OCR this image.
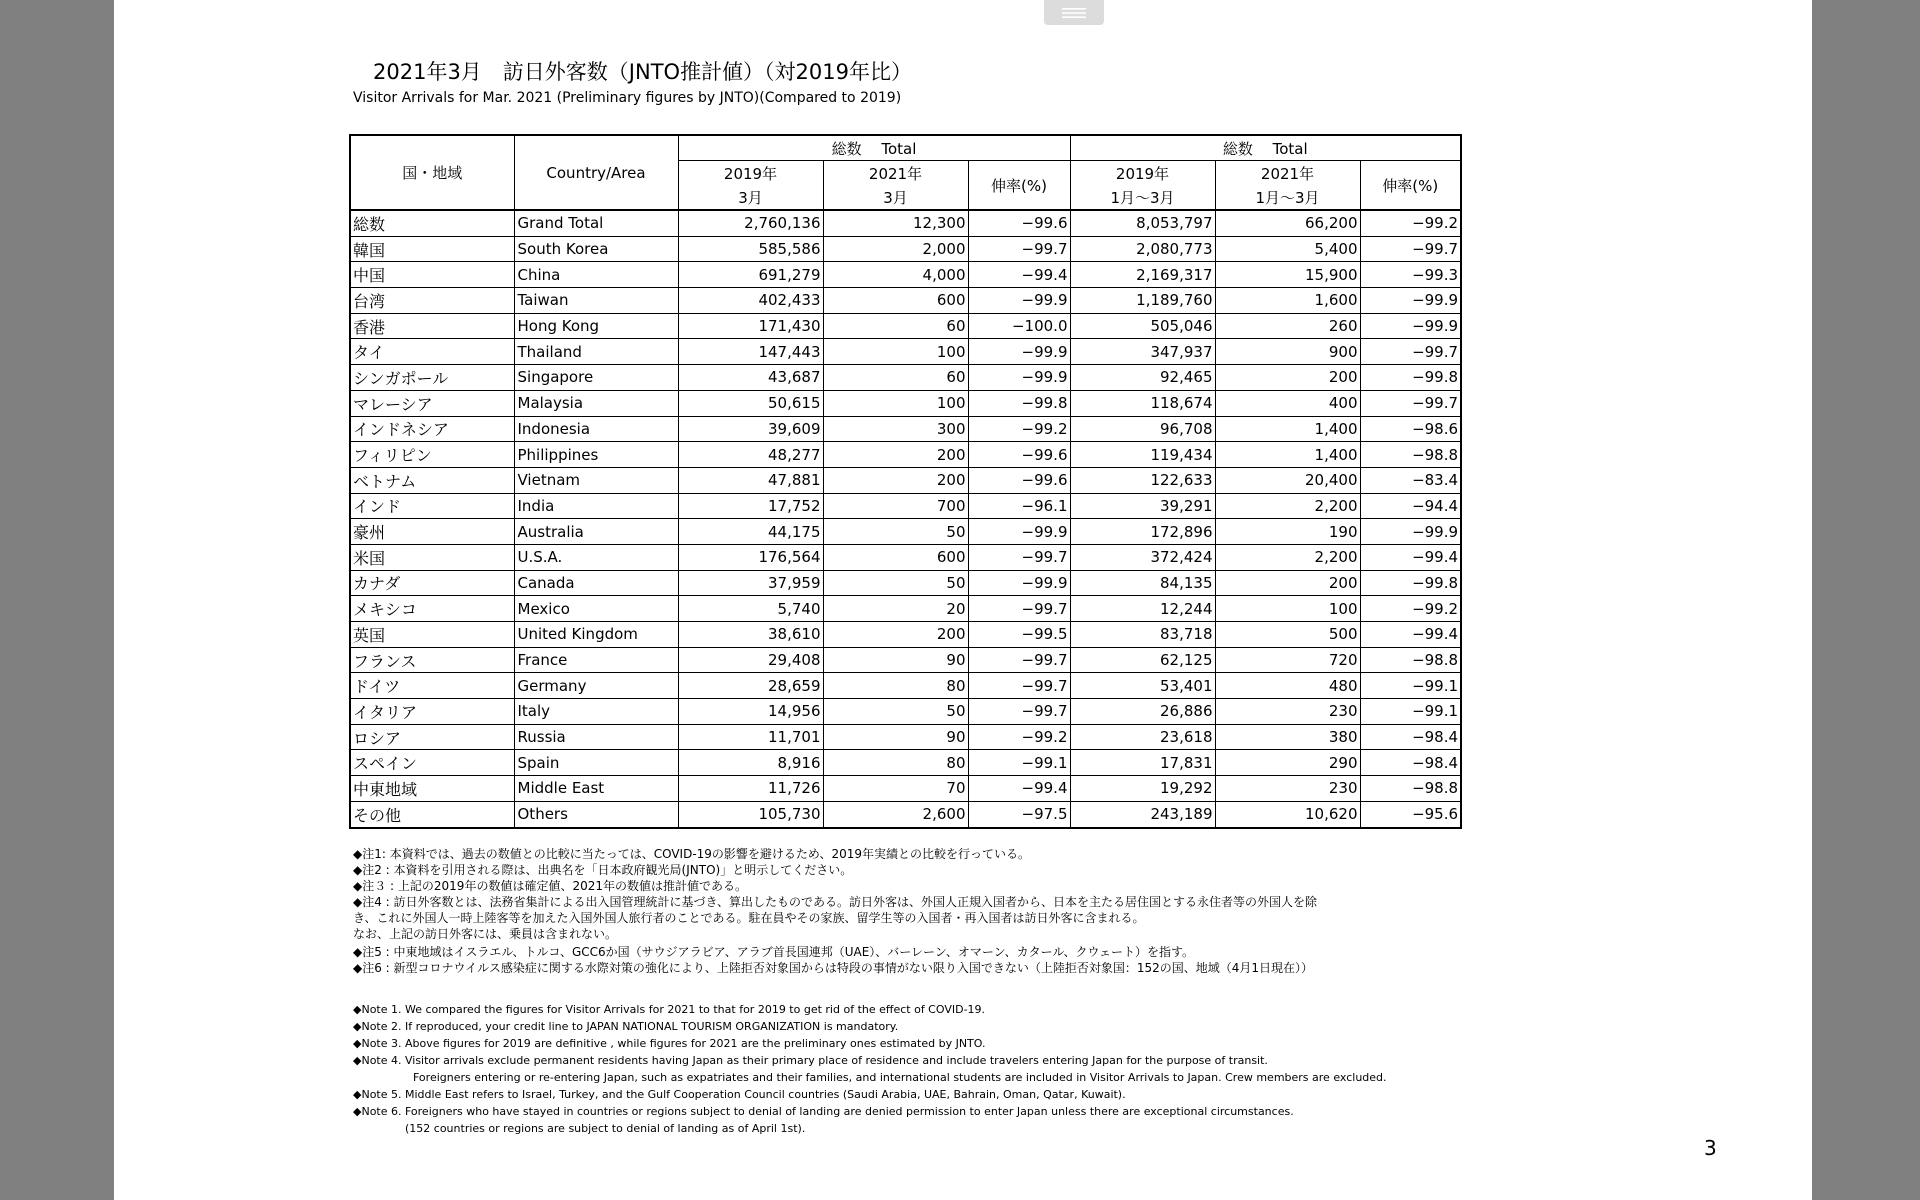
2021年3月　訪日外客数（JNTO推計値）（対2019年比）
Visitor Arrivals for Mar. 2021 (Preliminary figures by JNTO)(Compared to 2019)
国・地域	Country/Area	総数　 Total			総数　 Total		
		2019年	2021年	伸率(%)	2019年	2021年	伸率(%)
		3月	3月		1月～3月	1月～3月	
総数	Grand Total	2,760,136	12,300	−99.6	8,053,797	66,200	−99.2
韓国	South Korea	585,586	2,000	−99.7	2,080,773	5,400	−99.7
中国	China	691,279	4,000	−99.4	2,169,317	15,900	−99.3
台湾	Taiwan	402,433	600	−99.9	1,189,760	1,600	−99.9
香港	Hong Kong	171,430	60	−100.0	505,046	260	−99.9
タイ	Thailand	147,443	100	−99.9	347,937	900	−99.7
シンガポール	Singapore	43,687	60	−99.9	92,465	200	−99.8
マレーシア	Malaysia	50,615	100	−99.8	118,674	400	−99.7
インドネシア	Indonesia	39,609	300	−99.2	96,708	1,400	−98.6
フィリピン	Philippines	48,277	200	−99.6	119,434	1,400	−98.8
ベトナム	Vietnam	47,881	200	−99.6	122,633	20,400	−83.4
インド	India	17,752	700	−96.1	39,291	2,200	−94.4
豪州	Australia	44,175	50	−99.9	172,896	190	−99.9
米国	U.S.A.	176,564	600	−99.7	372,424	2,200	−99.4
カナダ	Canada	37,959	50	−99.9	84,135	200	−99.8
メキシコ	Mexico	5,740	20	−99.7	12,244	100	−99.2
英国	United Kingdom	38,610	200	−99.5	83,718	500	−99.4
フランス	France	29,408	90	−99.7	62,125	720	−98.8
ドイツ	Germany	28,659	80	−99.7	53,401	480	−99.1
イタリア	Italy	14,956	50	−99.7	26,886	230	−99.1
ロシア	Russia	11,701	90	−99.2	23,618	380	−98.4
スペイン	Spain	8,916	80	−99.1	17,831	290	−98.4
中東地域	Middle East	11,726	70	−99.4	19,292	230	−98.8
その他	Others	105,730	2,600	−97.5	243,189	10,620	−95.6

◆注1: 本資料では、過去の数値との比較に当たっては、COVID-19の影響を避けるため、2019年実績との比較を行っている。

◆注2 : 本資料を引用される際は、出典名を「日本政府観光局(JNTO)」と明示してください。

◆注３ : 上記の2019年の数値は確定値、2021年の数値は推計値である。

◆注4 : 訪日外客数とは、法務省集計による出入国管理統計に基づき、算出したものである。訪日外客は、外国人正規入国者から、日本を主たる居住国とする永住者等の外国人を除

き、これに外国人一時上陸客等を加えた入国外国人旅行者のことである。駐在員やその家族、留学生等の入国者・再入国者は訪日外客に含まれる。

なお、上記の訪日外客には、乗員は含まれない。

◆注5 : 中東地域はイスラエル、トルコ、GCC6か国（サウジアラビア、アラブ首長国連邦（UAE）、バーレーン、オマーン、カタール、クウェート）を指す。

◆注6 : 新型コロナウイルス感染症に関する水際対策の強化により、上陸拒否対象国からは特段の事情がない限り入国できない（上陸拒否対象国：152の国、地域（4月1日現在））

◆Note 1. We compared the figures for Visitor Arrivals for 2021 to that for 2019 to get rid of the effect of COVID-19.

◆Note 2. If reproduced, your credit line to JAPAN NATIONAL TOURISM ORGANIZATION is mandatory.

◆Note 3. Above figures for 2019 are definitive , while figures for 2021 are the preliminary ones estimated by JNTO.

◆Note 4. Visitor arrivals exclude permanent residents having Japan as their primary place of residence and include travelers entering Japan for the purpose of transit.

Foreigners entering or re-entering Japan, such as expatriates and their families, and international students are included in Visitor Arrivals to Japan. Crew members are excluded.

◆Note 5. Middle East refers to Israel, Turkey, and the Gulf Cooperation Council countries (Saudi Arabia, UAE, Bahrain, Oman, Qatar, Kuwait).

◆Note 6. Foreigners who have stayed in countries or regions subject to denial of landing are denied permission to enter Japan unless there are exceptional circumstances.

(152 countries or regions are subject to denial of landing as of April 1st).

3
